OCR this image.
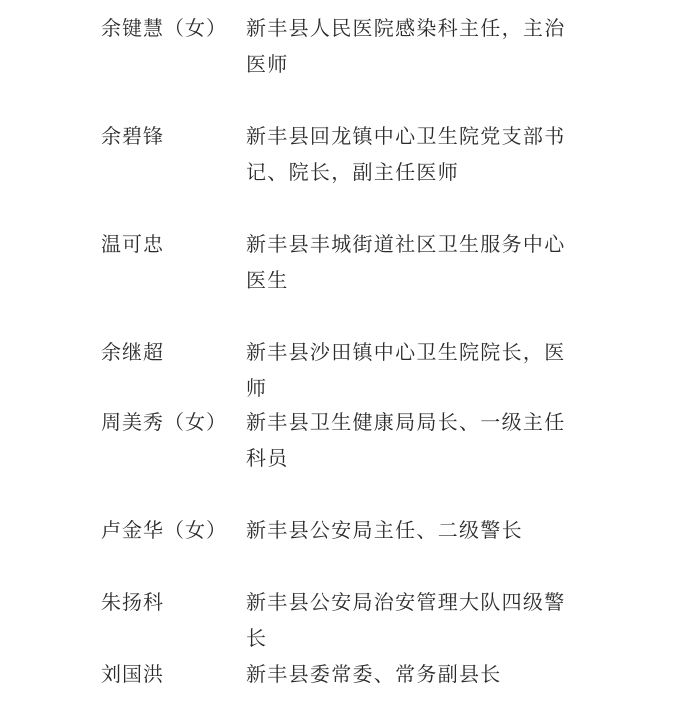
余键慧（女） 新丰县人民医院感染科主任，主治医师
余碧锋	新丰县回龙镇中心卫生院党支部书记、院长，副主任医师
温可忠	新丰县丰城街道社区卫生服务中心医生
余继超	新丰县沙田镇中心卫生院院长，医师
周美秀（女） 新丰县卫生健康局局长、一级主任科员
卢金华（女） 新丰县公安局主任、二级警长
朱扬科	新丰县公安局治安管理大队四级警长
刘国洪	新丰县委常委、常务副县长
